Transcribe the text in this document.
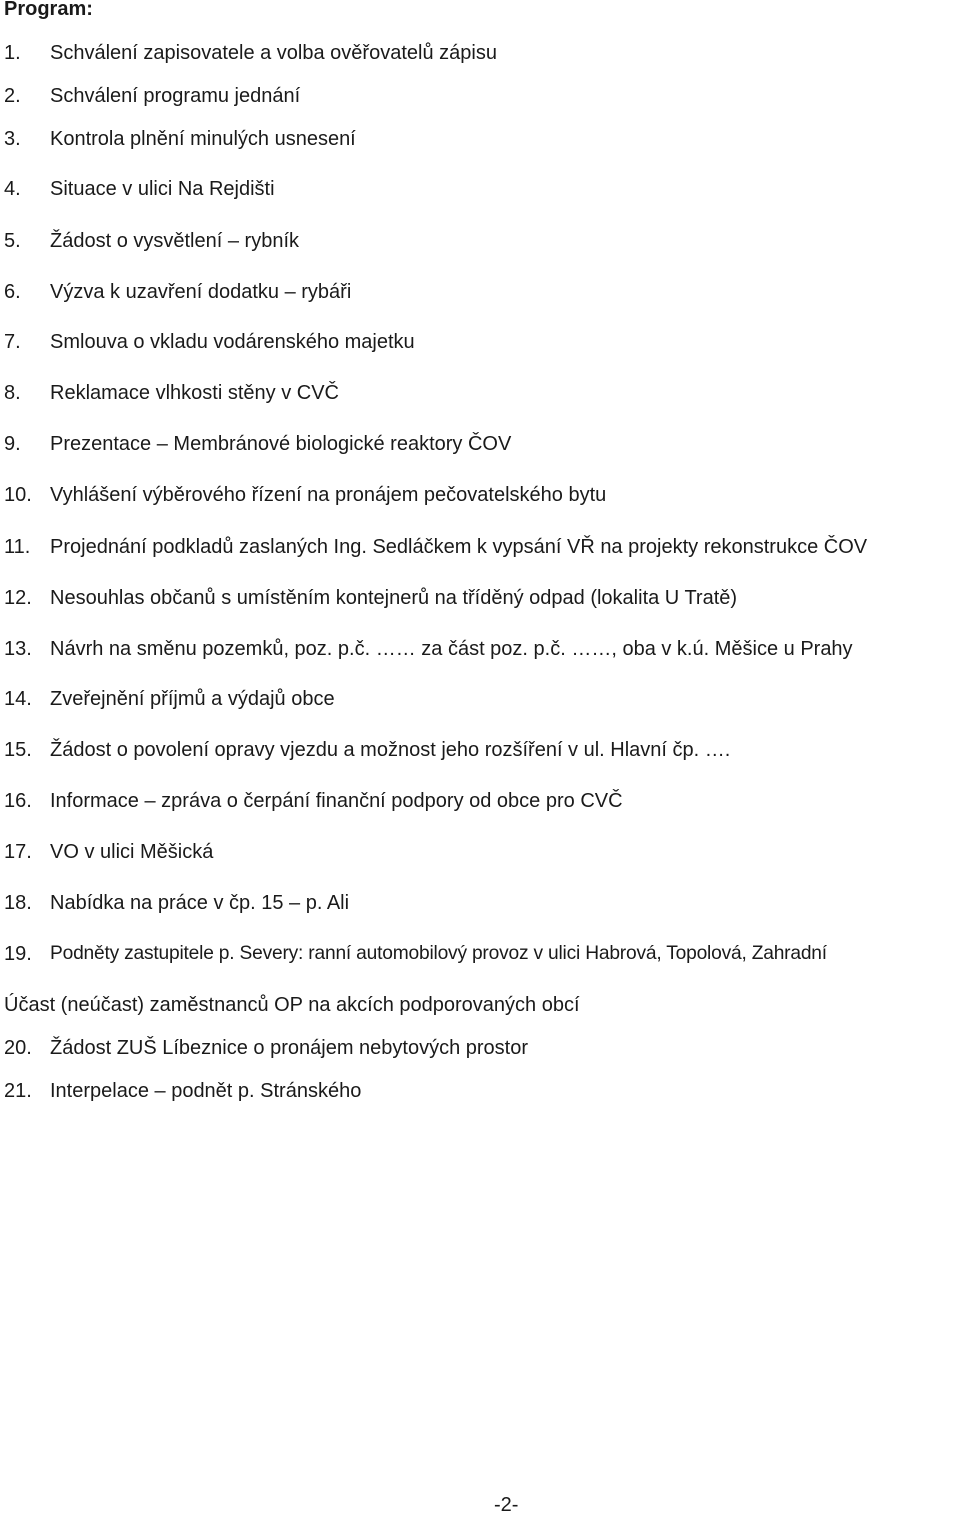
Program:
1. Schválení zapisovatele a volba ověřovatelů zápisu
2. Schválení programu jednání
3. Kontrola plnění minulých usnesení
4. Situace v ulici Na Rejdišti
5. Žádost o vysvětlení – rybník
6. Výzva k uzavření dodatku – rybáři
7. Smlouva o vkladu vodárenského majetku
8. Reklamace vlhkosti stěny v CVČ
9. Prezentace – Membránové biologické reaktory ČOV
10. Vyhlášení výběrového řízení na pronájem pečovatelského bytu
11. Projednání podkladů zaslaných Ing. Sedláčkem k vypsání VŘ na projekty rekonstrukce ČOV
12. Nesouhlas občanů s umístěním kontejnerů na tříděný odpad (lokalita U Tratě)
13. Návrh na směnu pozemků, poz. p.č. …… za část poz. p.č. ……, oba v k.ú. Měšice u Prahy
14. Zveřejnění příjmů a výdajů obce
15. Žádost o povolení opravy vjezdu a možnost jeho rozšíření v ul. Hlavní čp. ….
16. Informace – zpráva o čerpání finanční podpory od obce pro CVČ
17. VO v ulici Měšická
18. Nabídka na práce v čp. 15 – p. Ali
19. Podněty zastupitele p. Severy: ranní automobilový provoz v ulici Habrová, Topolová, Zahradní
Účast (neúčast) zaměstnanců OP na akcích podporovaných obcí
20. Žádost ZUŠ Líbeznice o pronájem nebytových prostor
21. Interpelace – podnět p. Stránského
-2-
